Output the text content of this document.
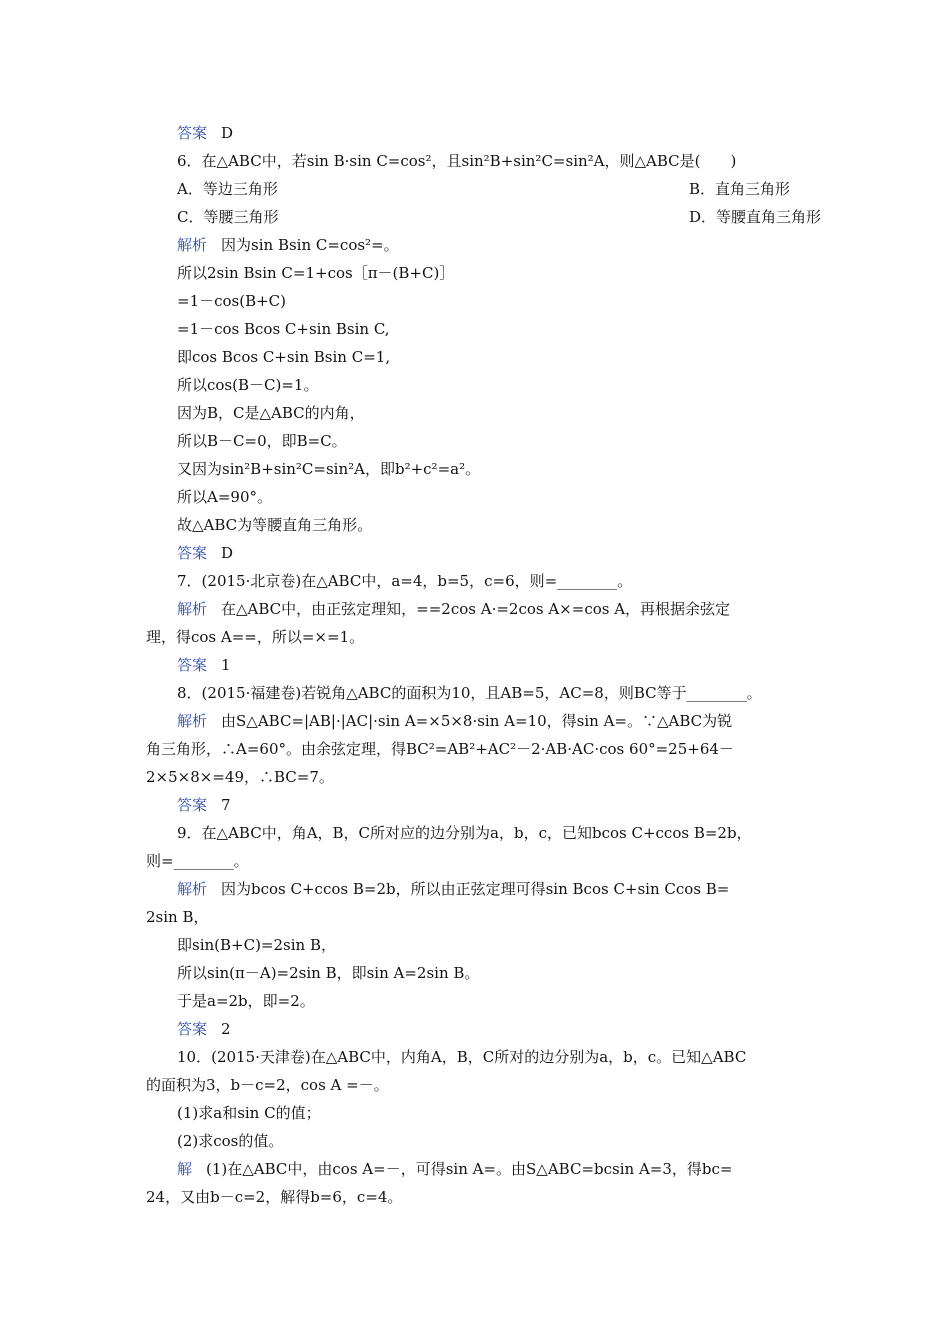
答案 D
6．在△ABC中，若sin B·sin C=cos²，且sin²B+sin²C=sin²A，则△ABC是(　　)
A．等边三角形	B．直角三角形
C．等腰三角形	D．等腰直角三角形
解析 因为sin Bsin C=cos²=。
所以2sin Bsin C=1+cos［π－(B+C)］
=1－cos(B+C)
=1－cos Bcos C+sin Bsin C,
即cos Bcos C+sin Bsin C=1,
所以cos(B－C)=1。
因为B，C是△ABC的内角，
所以B－C=0，即B=C。
又因为sin²B+sin²C=sin²A，即b²+c²=a²。
所以A=90°。
故△ABC为等腰直角三角形。
答案 D
7．(2015·北京卷)在△ABC中，a=4，b=5，c=6，则=________。
解析 在△ABC中，由正弦定理知，==2cos A·=2cos A×=cos A，再根据余弦定
理，得cos A==，所以=×=1。
答案 1
8．(2015·福建卷)若锐角△ABC的面积为10，且AB=5，AC=8，则BC等于________。
解析 由S△ABC=|AB|·|AC|·sin A=×5×8·sin A=10，得sin A=。∵△ABC为锐
角三角形，∴A=60°。由余弦定理，得BC²=AB²+AC²－2·AB·AC·cos 60°=25+64－
2×5×8×=49，∴BC=7。
答案 7
9．在△ABC中，角A，B，C所对应的边分别为a，b，c，已知bcos C+ccos B=2b，
则=________。
解析 因为bcos C+ccos B=2b，所以由正弦定理可得sin Bcos C+sin Ccos B=
2sin B，
即sin(B+C)=2sin B，
所以sin(π－A)=2sin B，即sin A=2sin B。
于是a=2b，即=2。
答案 2
10．(2015·天津卷)在△ABC中，内角A，B，C所对的边分别为a，b，c。已知△ABC
的面积为3，b－c=2，cos A =－。
(1)求a和sin C的值；
(2)求cos的值。
解 (1)在△ABC中，由cos A=－，可得sin A=。由S△ABC=bcsin A=3，得bc=
24，又由b－c=2，解得b=6，c=4。
